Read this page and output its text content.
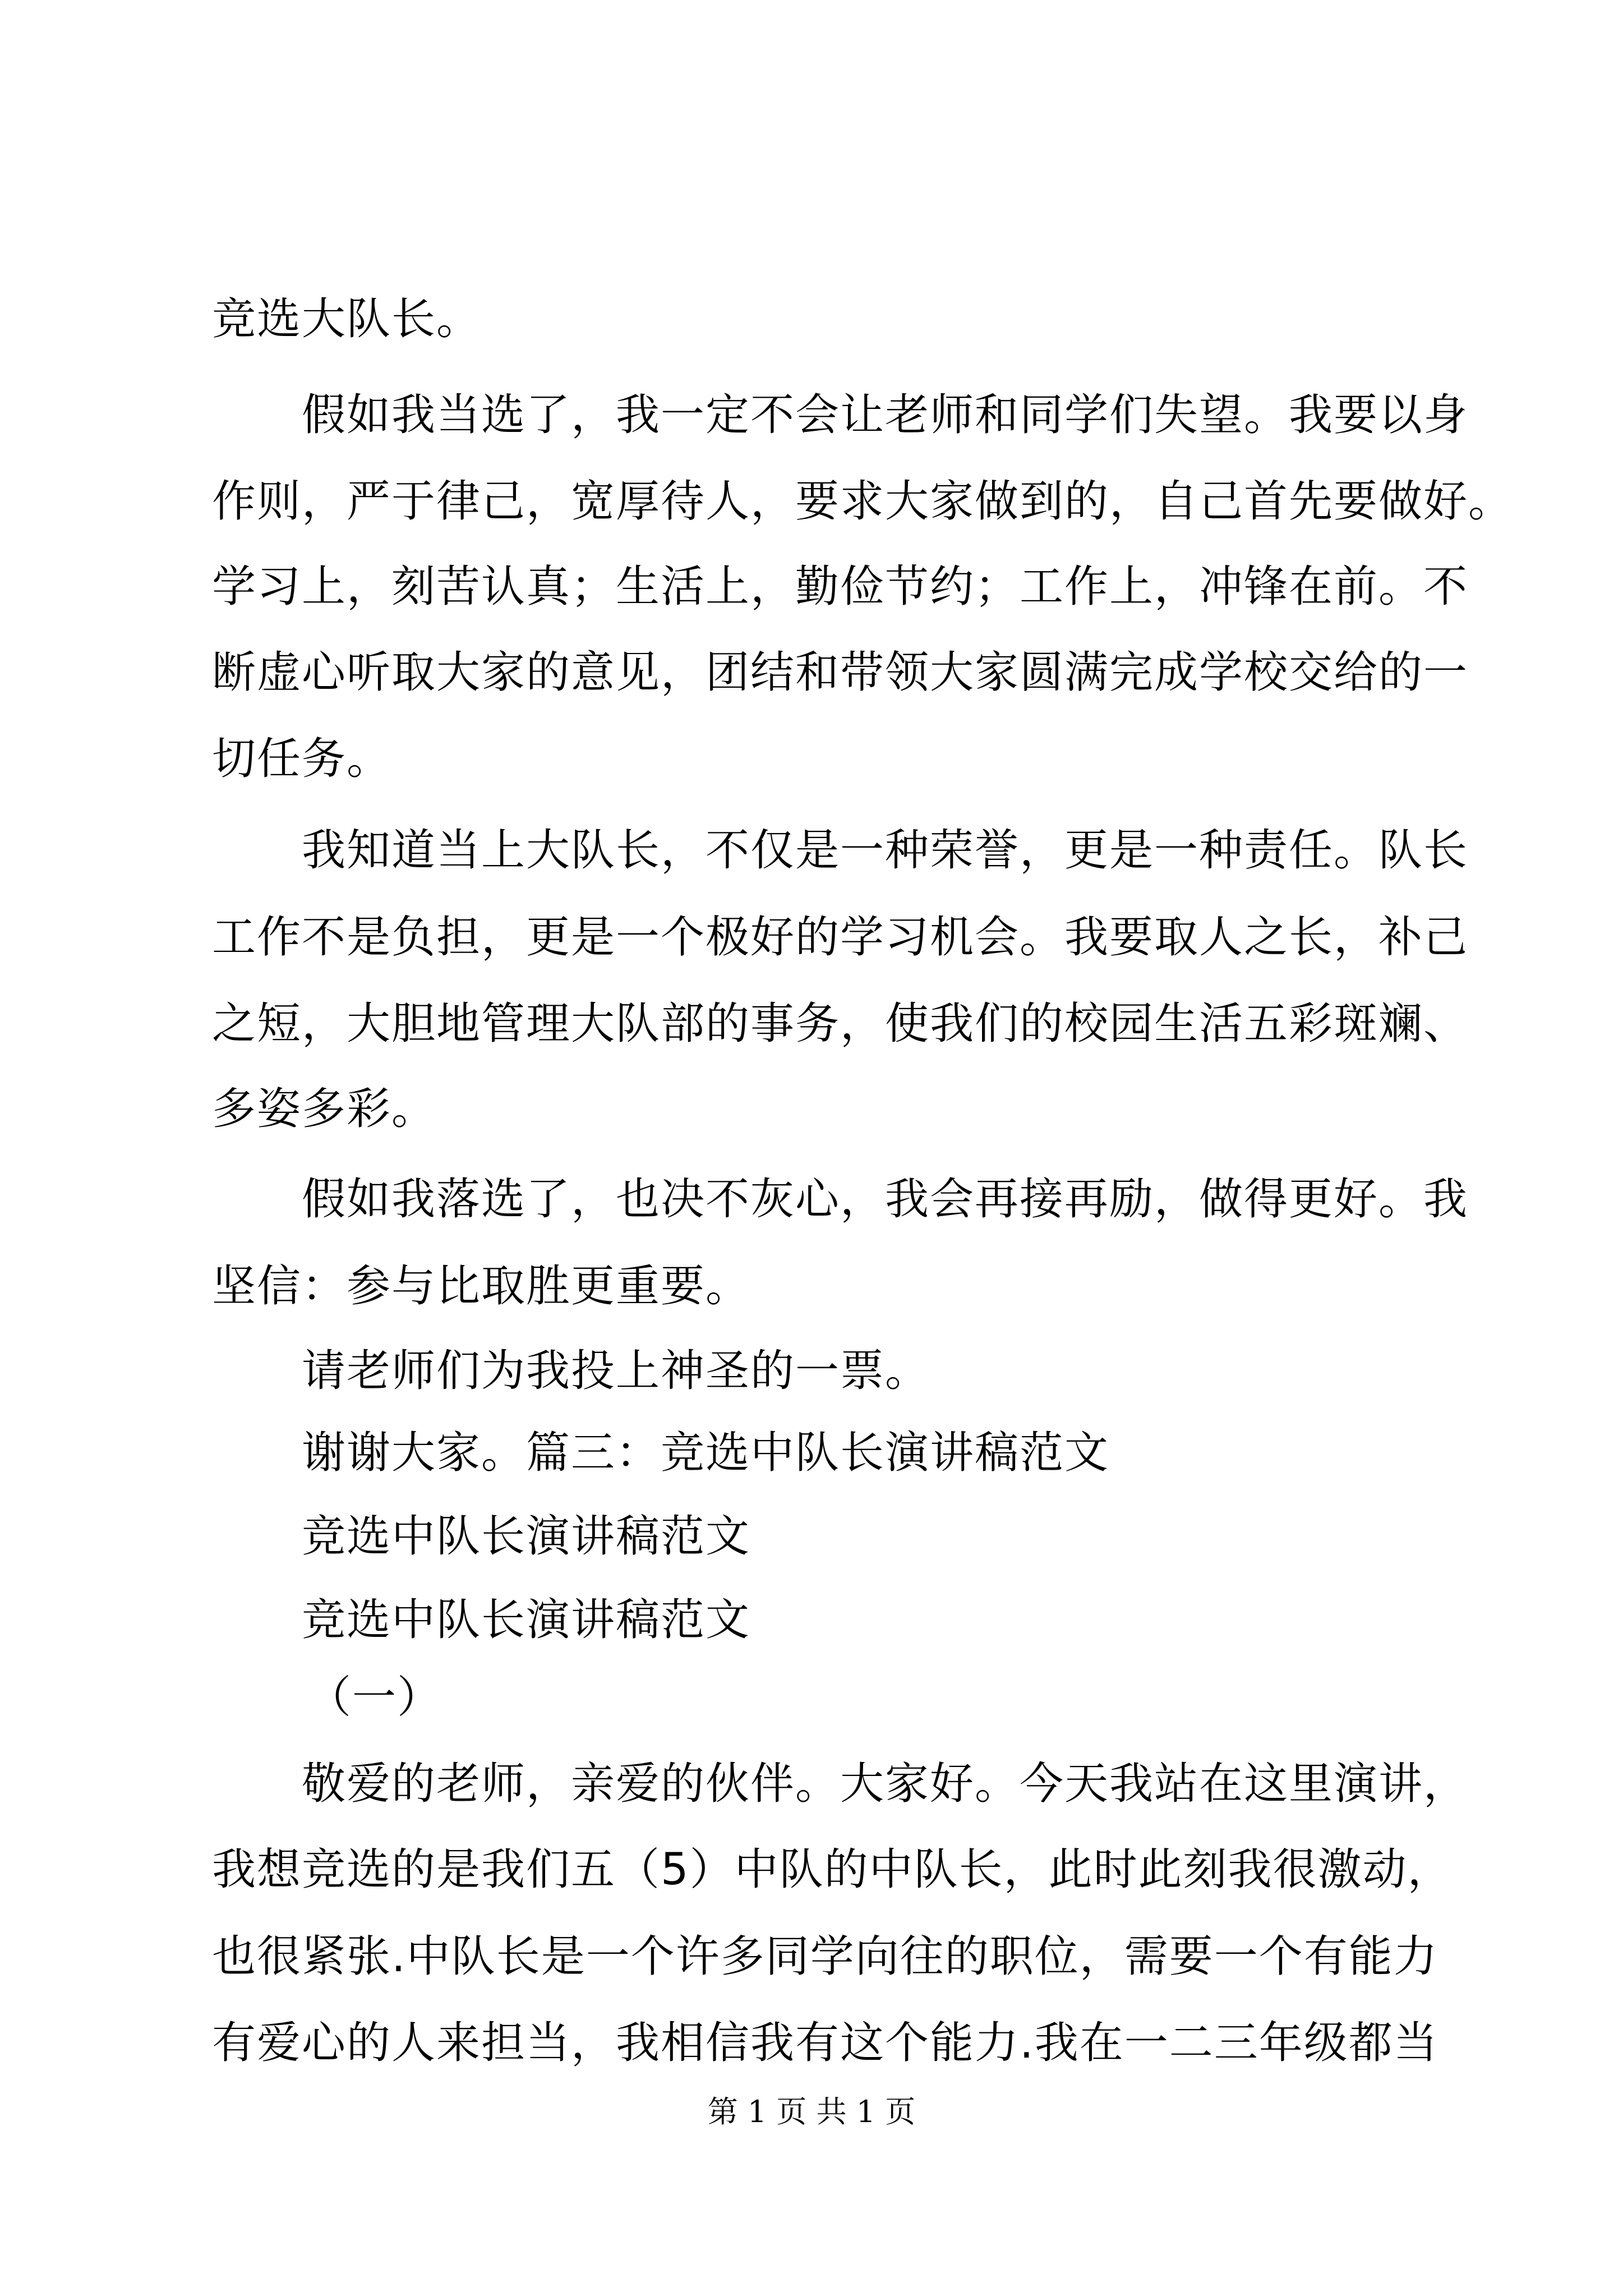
竞选大队长。
假如我当选了，我一定不会让老师和同学们失望。我要以身
作则，严于律己，宽厚待人，要求大家做到的，自己首先要做好。
学习上，刻苦认真；生活上，勤俭节约；工作上，冲锋在前。不
断虚心听取大家的意见，团结和带领大家圆满完成学校交给的一
切任务。
我知道当上大队长，不仅是一种荣誉，更是一种责任。队长
工作不是负担，更是一个极好的学习机会。我要取人之长，补己
之短，大胆地管理大队部的事务，使我们的校园生活五彩斑斓、
多姿多彩。
假如我落选了，也决不灰心，我会再接再励，做得更好。我
坚信：参与比取胜更重要。
请老师们为我投上神圣的一票。
谢谢大家。篇三：竞选中队长演讲稿范文
竞选中队长演讲稿范文
竞选中队长演讲稿范文
（一）
敬爱的老师，亲爱的伙伴。大家好。今天我站在这里演讲，
我想竞选的是我们五（5）中队的中队长，此时此刻我很激动，
也很紧张.中队长是一个许多同学向往的职位，需要一个有能力
有爱心的人来担当，我相信我有这个能力.我在一二三年级都当
第 1 页 共 1 页
